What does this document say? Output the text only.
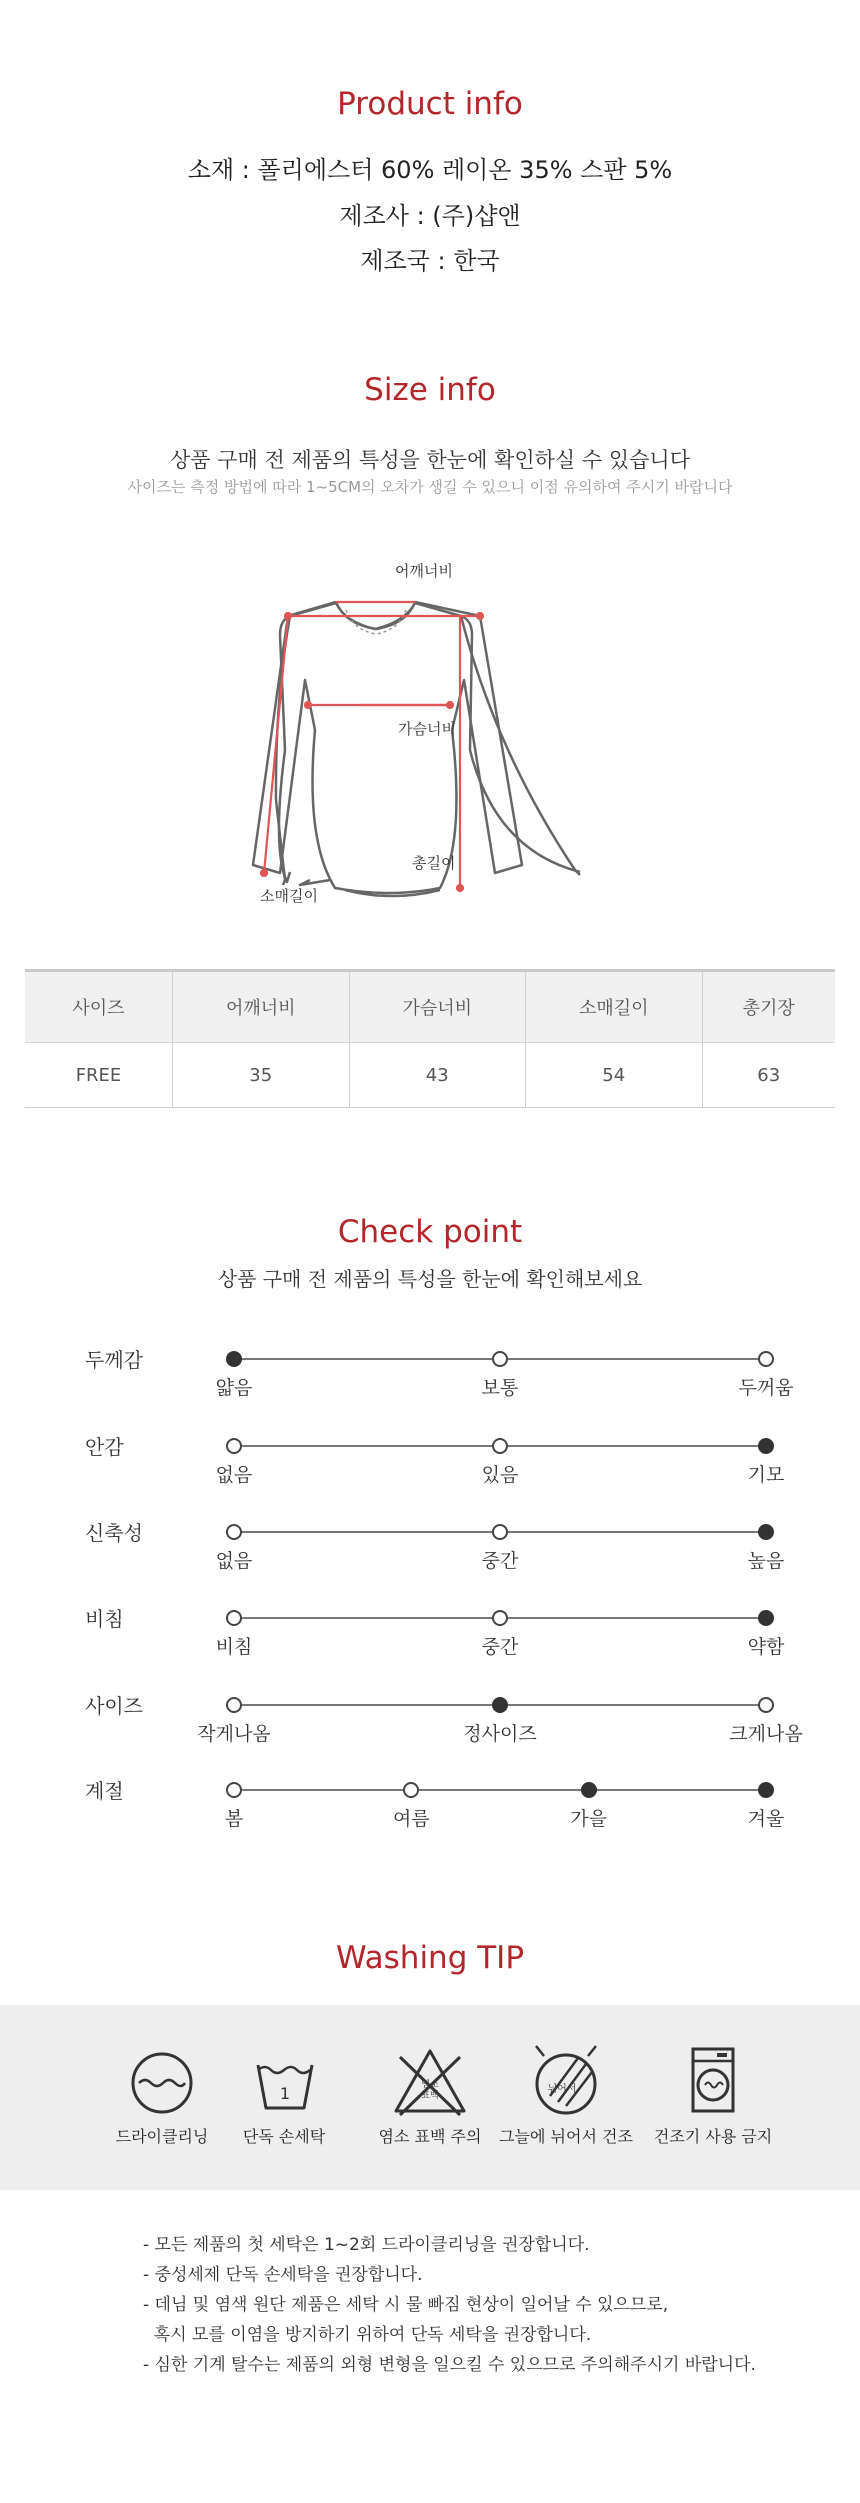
Product info
소재 : 폴리에스터 60% 레이온 35% 스판 5%
제조사 : (주)샵앤
제조국 : 한국
Size info
상품 구매 전 제품의 특성을 한눈에 확인하실 수 있습니다
사이즈는 측정 방법에 따라 1~5CM의 오차가 생길 수 있으니 이점 유의하여 주시기 바랍니다
어깨너비
가슴너비
총길이
소매길이
사이즈	어깨너비	가슴너비	소매길이	총기장
FREE	35	43	54	63
Check point
상품 구매 전 제품의 특성을 한눈에 확인해보세요
두께감
얇음	보통	두꺼움
안감
없음	있음	기모
신축성
없음	중간	높음
비침
비침	중간	약함
사이즈
작게나옴	정사이즈	크게나옴
계절
봄	여름	가을	겨울
Washing TIP
드라이클리닝
1
단독 손세탁
염소
표백
염소 표백 주의
뉘어서
그늘에 뉘어서 건조	건조기 사용 금지
- 모든 제품의 첫 세탁은 1~2회 드라이클리닝을 권장합니다.
- 중성세제 단독 손세탁을 권장합니다.
- 데님 및 염색 원단 제품은 세탁 시 물 빠짐 현상이 일어날 수 있으므로,
혹시 모를 이염을 방지하기 위하여 단독 세탁을 권장합니다.
- 심한 기계 탈수는 제품의 외형 변형을 일으킬 수 있으므로 주의해주시기 바랍니다.
